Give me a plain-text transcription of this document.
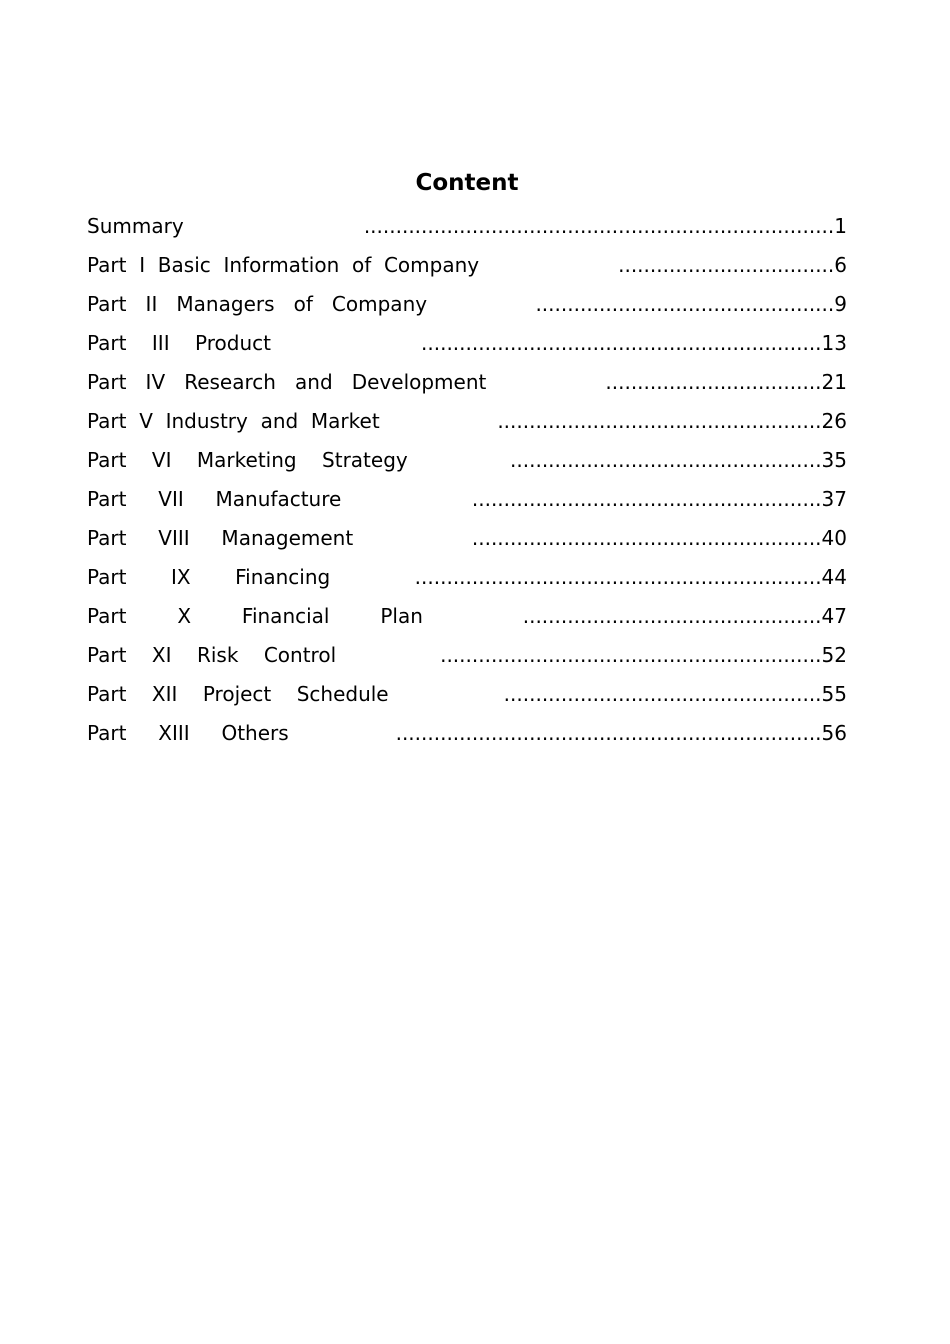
Content
Summary	.......................................................................... 1
Part  I  Basic  Information  of  Company	.................................. 6
Part   II   Managers   of   Company	............................................... 9
Part    III    Product	............................................................... 13
Part   IV   Research   and   Development	.................................. 21
Part  V  Industry  and  Market	................................................... 26
Part    VI    Marketing    Strategy	................................................. 35
Part     VII     Manufacture	....................................................... 37
Part     VIII     Management	....................................................... 40
Part       IX       Financing	................................................................ 44
Part        X        Financial        Plan	............................................... 47
Part    XI    Risk    Control	............................................................ 52
Part    XII    Project    Schedule	.................................................. 55
Part     XIII     Others	................................................................... 56
